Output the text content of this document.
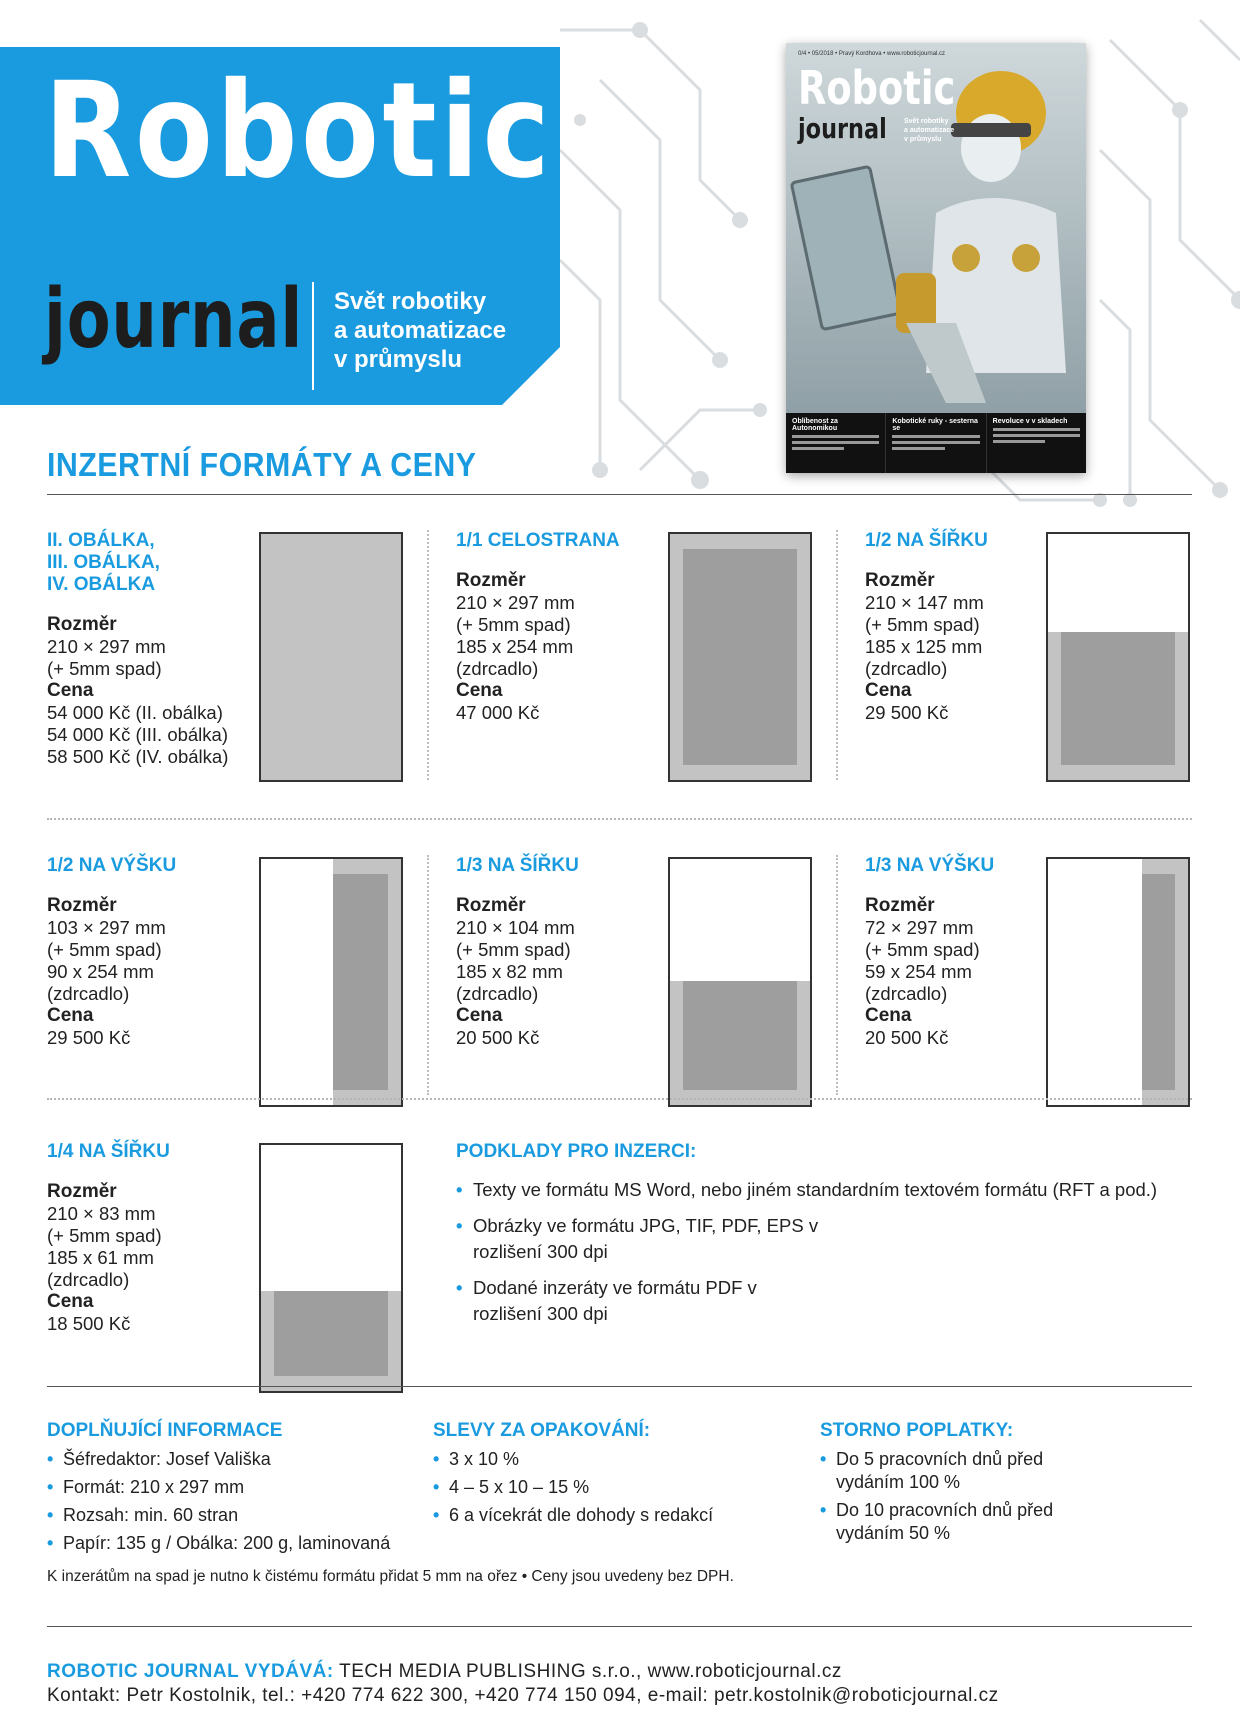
Robotic
journal Svět robotiky
a automatizace
v průmyslu
0/4 • 05/2018 • Pravý Kordhova • www.roboticjournal.cz
Robotic
journal Svět robotiky
a automatizace
v průmyslu
Oblíbenost za Autonomikou
Kobotické ruky - sesterna se
Revoluce v v skladech
INZERTNÍ FORMÁTY A CENY
II. OBÁLKA,
III. OBÁLKA,
IV. OBÁLKA
Rozměr
210 × 297 mm
(+ 5mm spad)
Cena
54 000 Kč (II. obálka)
54 000 Kč (III. obálka)
58 500 Kč (IV. obálka)
1/1 CELOSTRANA
Rozměr
210 × 297 mm
(+ 5mm spad)
185 x 254 mm
(zdrcadlo)
Cena
47 000 Kč
1/2 NA ŠÍŘKU
Rozměr
210 × 147 mm
(+ 5mm spad)
185 x 125 mm
(zdrcadlo)
Cena
29 500 Kč
1/2 NA VÝŠKU
Rozměr
103 × 297 mm
(+ 5mm spad)
90 x 254 mm
(zdrcadlo)
Cena
29 500 Kč
1/3 NA ŠÍŘKU
Rozměr
210 × 104 mm
(+ 5mm spad)
185 x 82 mm
(zdrcadlo)
Cena
20 500 Kč
1/3 NA VÝŠKU
Rozměr
72 × 297 mm
(+ 5mm spad)
59 x 254 mm
(zdrcadlo)
Cena
20 500 Kč
1/4 NA ŠÍŘKU
Rozměr
210 × 83 mm
(+ 5mm spad)
185 x 61 mm
(zdrcadlo)
Cena
18 500 Kč
PODKLADY PRO INZERCI:
• Texty ve formátu MS Word, nebo jiném standardním textovém formátu (RFT a pod.)
• Obrázky ve formátu JPG, TIF, PDF, EPS v rozlišení 300 dpi
• Dodané inzeráty ve formátu PDF v rozlišení 300 dpi
DOPLŇUJÍCÍ INFORMACE
• Šéfredaktor: Josef Vališka
• Formát: 210 x 297 mm
• Rozsah: min. 60 stran
• Papír: 135 g / Obálka: 200 g, laminovaná
SLEVY ZA OPAKOVÁNÍ:
• 3 x 10 %
• 4 – 5 x 10 – 15 %
• 6 a vícekrát dle dohody s redakcí
STORNO POPLATKY:
• Do 5 pracovních dnů před vydáním 100 %
• Do 10 pracovních dnů před vydáním 50 %
K inzerátům na spad je nutno k čistému formátu přidat 5 mm na ořez • Ceny jsou uvedeny bez DPH.
ROBOTIC JOURNAL VYDÁVÁ: TECH MEDIA PUBLISHING s.r.o., www.roboticjournal.cz
Kontakt: Petr Kostolnik, tel.: +420 774 622 300, +420 774 150 094, e-mail: petr.kostolnik@roboticjournal.cz
